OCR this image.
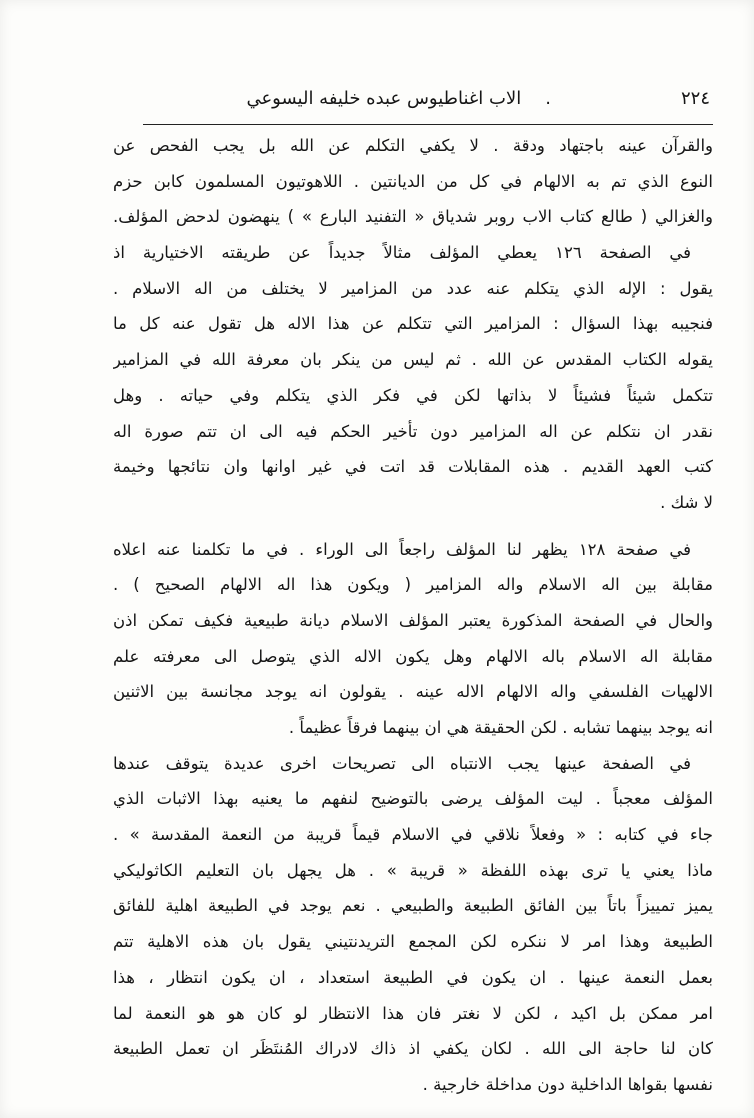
٢٢٤
.
الاب اغناطيوس عبده خليفه اليسوعي
والقرآن عينه باجتهاد ودقة . لا يكفي التكلم عن الله بل يجب الفحص عن
النوع الذي تم به الالهام في كل من الديانتين . اللاهوتيون المسلمون كابن حزم
والغزالي ( طالع كتاب الاب روبر شدياق « التفنيد البارع » ) ينهضون لدحض المؤلف.
في الصفحة ١٢٦ يعطي المؤلف مثالاً جديداً عن طريقته الاختيارية اذ
يقول : الإله الذي يتكلم عنه عدد من المزامير لا يختلف من اله الاسلام .
فنجيبه بهذا السؤال : المزامير التي تتكلم عن هذا الاله هل تقول عنه كل ما
يقوله الكتاب المقدس عن الله . ثم ليس من ينكر بان معرفة الله في المزامير
تتكمل شيئاً فشيئاً لا بذاتها لكن في فكر الذي يتكلم وفي حياته . وهل
نقدر ان نتكلم عن اله المزامير دون تأخير الحكم فيه الى ان تتم صورة اله
كتب العهد القديم . هذه المقابلات قد اتت في غير اوانها وان نتائجها وخيمة
لا شك .
في صفحة ١٢٨ يظهر لنا المؤلف راجعاً الى الوراء . في ما تكلمنا عنه اعلاه
مقابلة بين اله الاسلام واله المزامير ( ويكون هذا اله الالهام الصحيح ) .
والحال في الصفحة المذكورة يعتبر المؤلف الاسلام ديانة طبيعية فكيف تمكن اذن
مقابلة اله الاسلام باله الالهام وهل يكون الاله الذي يتوصل الى معرفته علم
الالهيات الفلسفي واله الالهام الاله عينه . يقولون انه يوجد مجانسة بين الاثنين
انه يوجد بينهما تشابه . لكن الحقيقة هي ان بينهما فرقاً عظيماً .
في الصفحة عينها يجب الانتباه الى تصريحات اخرى عديدة يتوقف عندها
المؤلف معجباً . ليت المؤلف يرضى بالتوضيح لنفهم ما يعنيه بهذا الاثبات الذي
جاء في كتابه : « وفعلاً نلاقي في الاسلام قيماً قريبة من النعمة المقدسة » .
ماذا يعني يا ترى بهذه اللفظة « قريبة » . هل يجهل بان التعليم الكاثوليكي
يميز تمييزاً باتاً بين الفائق الطبيعة والطبيعي . نعم يوجد في الطبيعة اهلية للفائق
الطبيعة وهذا امر لا ننكره لكن المجمع التريدنتيني يقول بان هذه الاهلية تتم
بعمل النعمة عينها . ان يكون في الطبيعة استعداد ، ان يكون انتظار ، هذا
امر ممكن بل اكيد ، لكن لا نغتر فان هذا الانتظار لو كان هو هو النعمة لما
كان لنا حاجة الى الله . لكان يكفي اذ ذاك لادراك المُنتَظَر ان تعمل الطبيعة
نفسها بقواها الداخلية دون مداخلة خارجية .
